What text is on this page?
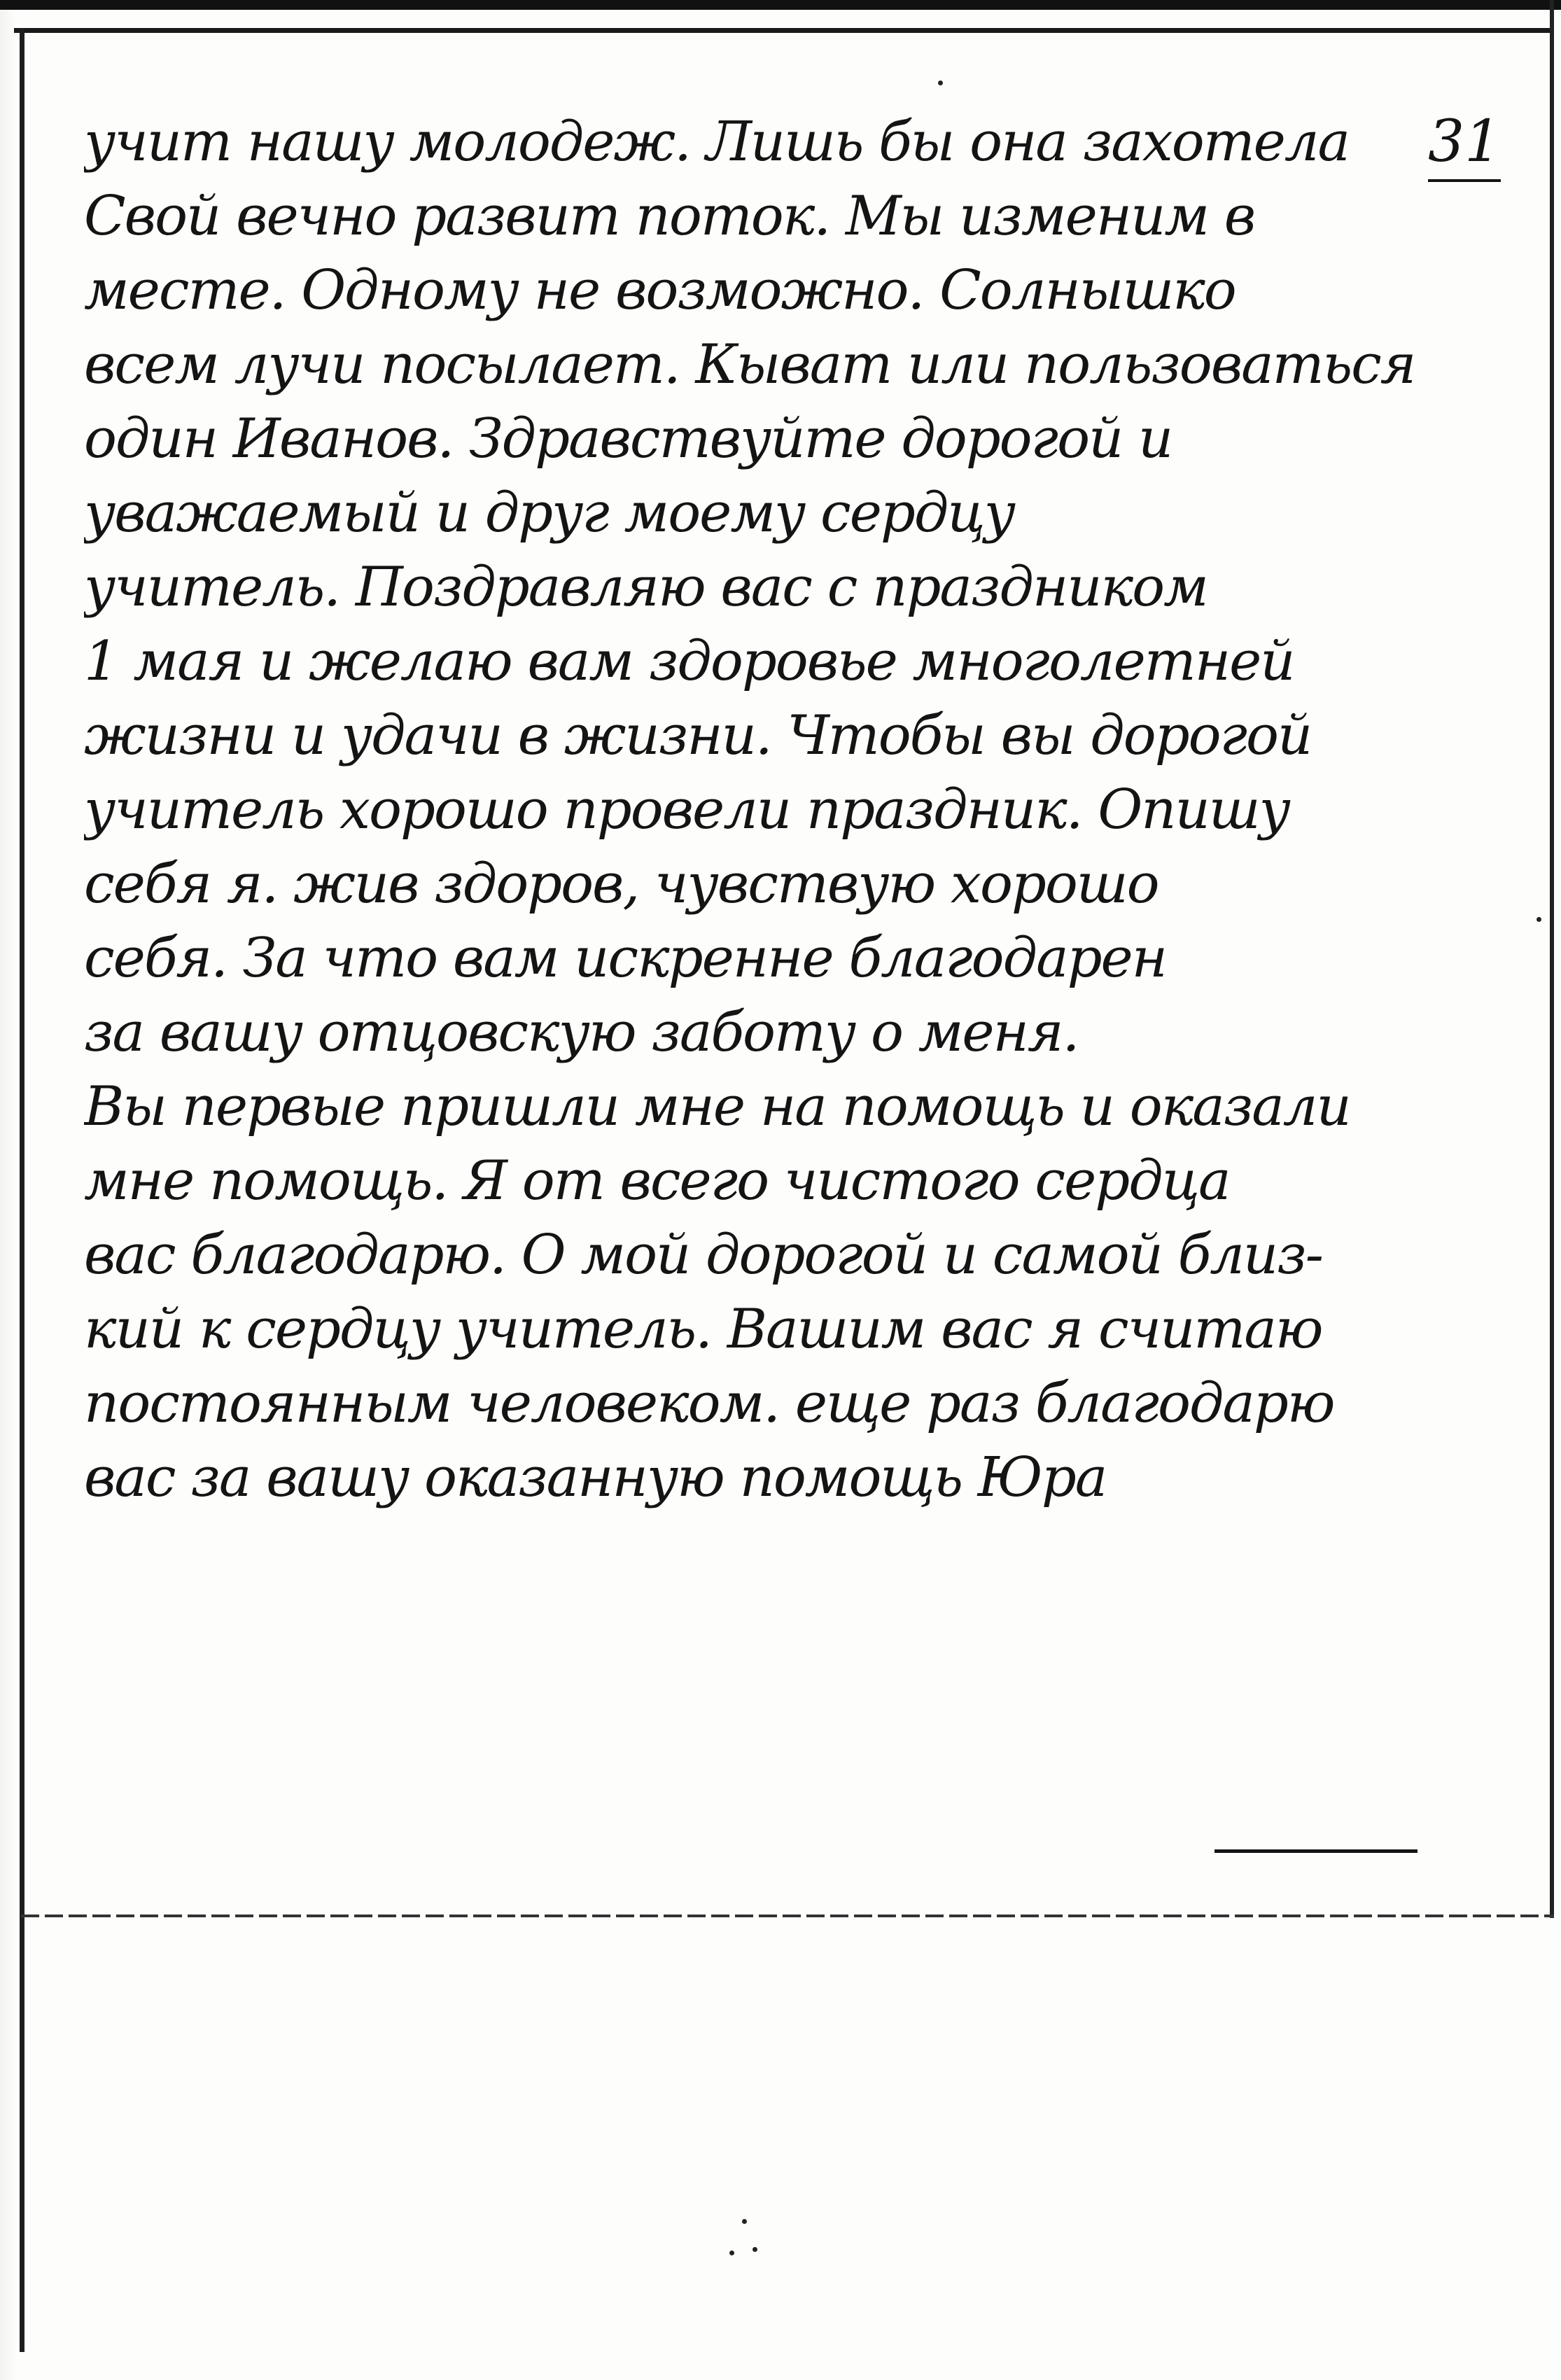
31
учит нашу молодеж. Лишь бы она захотела
Свой вечно развит поток. Мы изменим в
месте. Одному не возможно. Солнышко
всем лучи посылает. Кыват или пользоваться
один Иванов. Здравствуйте дорогой и
уважаемый и друг моему сердцу
учитель. Поздравляю вас с праздником
1 мая и желаю вам здоровье многолетней
жизни и удачи в жизни. Чтобы вы дорогой
учитель хорошо провели праздник. Опишу
себя я. жив здоров, чувствую хорошо
себя. За что вам искренне благодарен
за вашу отцовскую заботу о меня.
Вы первые пришли мне на помощь и оказали
мне помощь. Я от всего чистого сердца
вас благодарю. О мой дорогой и самой близ-
кий к сердцу учитель. Вашим вас я считаю
постоянным человеком. еще раз благодарю
вас за вашу оказанную помощь Юра
